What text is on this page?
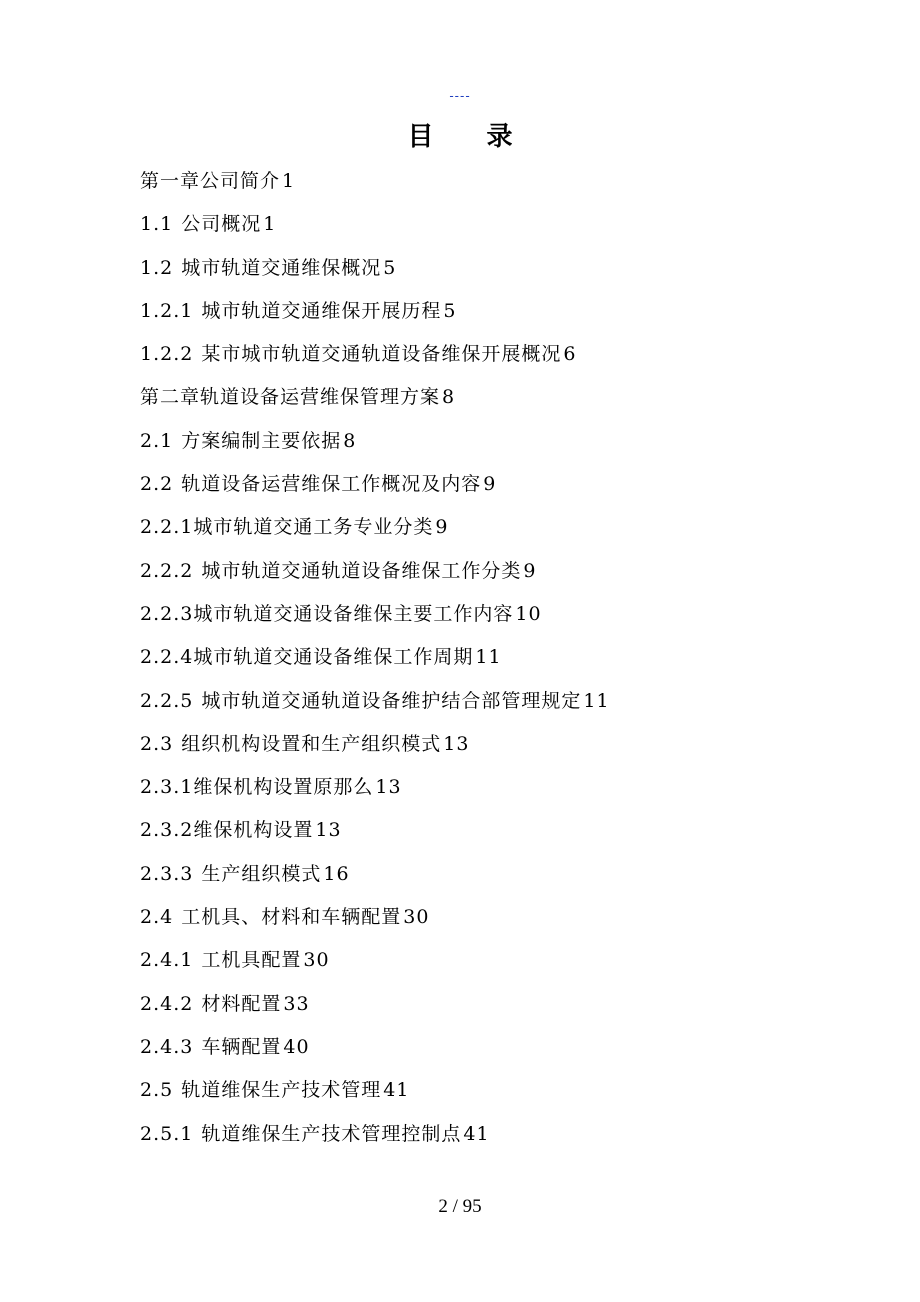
----
目 录
第一章公司简介 1
1.1 公司概况 1
1.2 城市轨道交通维保概况 5
1.2.1 城市轨道交通维保开展历程 5
1.2.2 某市城市轨道交通轨道设备维保开展概况 6
第二章轨道设备运营维保管理方案 8
2.1 方案编制主要依据 8
2.2 轨道设备运营维保工作概况及内容 9
2.2.1城市轨道交通工务专业分类 9
2.2.2 城市轨道交通轨道设备维保工作分类 9
2.2.3城市轨道交通设备维保主要工作内容 10
2.2.4城市轨道交通设备维保工作周期 11
2.2.5 城市轨道交通轨道设备维护结合部管理规定 11
2.3 组织机构设置和生产组织模式 13
2.3.1维保机构设置原那么 13
2.3.2维保机构设置 13
2.3.3 生产组织模式 16
2.4 工机具、材料和车辆配置 30
2.4.1 工机具配置 30
2.4.2 材料配置 33
2.4.3 车辆配置 40
2.5 轨道维保生产技术管理 41
2.5.1 轨道维保生产技术管理控制点 41
2 / 95
